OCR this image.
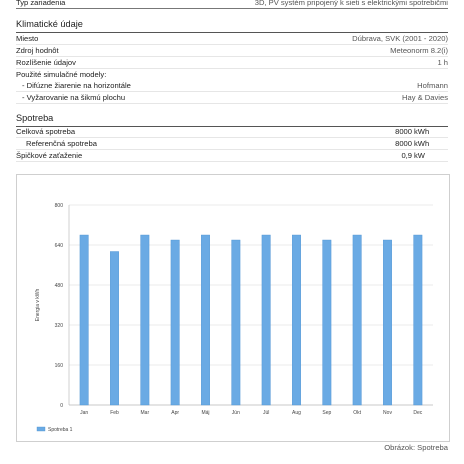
Typ zariadenia	3D, PV systém pripojený k sieti s elektrickými spotrebičmi
Klimatické údaje
Miesto	Dúbrava, SVK (2001 - 2020)
Zdroj hodnôt	Meteonorm 8.2(i)
Rozlíšenie údajov	1 h
Použité simulačné modely:
- Difúzne žiarenie na horizontále	Hofmann
- Vyžarovanie na šikmú plochu	Hay & Davies
Spotreba
Celková spotreba	8000 kWh
Referenčná spotreba	8000 kWh
Špičkové zaťaženie	0,9 kW
0
160
320
480
640
800
Energia v kWh
Jan	Feb	Mar	Apr	Máj	Jún	Júl	Aug	Sep	Okt	Nov	Dec
Spotreba 1
Obrázok: Spotreba
